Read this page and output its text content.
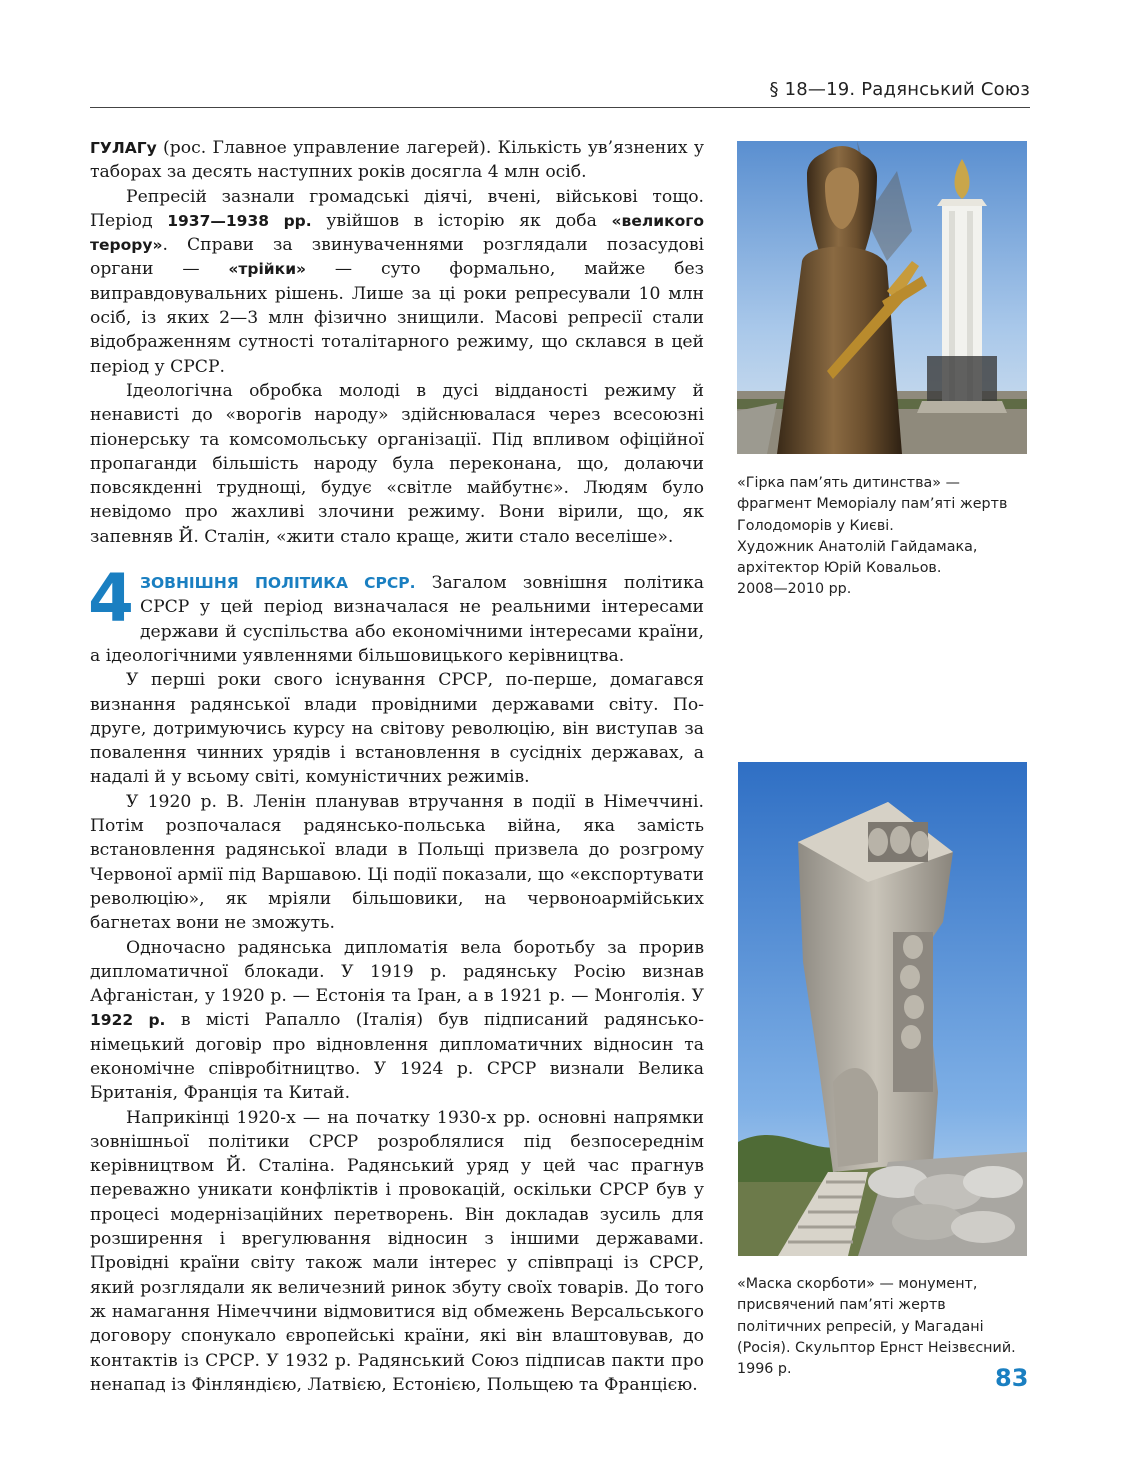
§ 18—19. Радянський Союз

ГУЛАГу (рос. Главное управление лагерей). Кількість ув’язнених у таборах за десять наступних років досягла 4 млн осіб.

Репресій зазнали громадські діячі, вчені, військові тощо. Період 1937—1938 рр. увійшов в історію як доба «великого терору». Справи за звинуваченнями розглядали позасудові органи — «трійки» — суто формально, майже без виправдовувальних рішень. Лише за ці роки репресували 10 млн осіб, із яких 2—3 млн фізично знищили. Масові репресії стали відображенням сутності тоталітарного режиму, що склався в цей період у СРСР.

Ідеологічна обробка молоді в дусі відданості режиму й ненависті до «ворогів народу» здійснювалася через всесоюзні піонерську та комсомольську організації. Під впливом офіційної пропаганди більшість народу була переконана, що, долаючи повсякденні труднощі, будує «світле майбутнє». Людям було невідомо про жахливі злочини режиму. Вони вірили, що, як запевняв Й. Сталін, «жити стало краще, жити стало веселіше».

4 ЗОВНІШНЯ ПОЛІТИКА СРСР. Загалом зовнішня політика СРСР у цей період визначалася не реальними інтересами держави й суспільства або економічними інтересами країни, а ідеологічними уявленнями більшовицького керівництва.

У перші роки свого існування СРСР, по-перше, домагався визнання радянської влади провідними державами світу. По-друге, дотримуючись курсу на світову революцію, він виступав за повалення чинних урядів і встановлення в сусідніх державах, а надалі й у всьому світі, комуністичних режимів.

У 1920 р. В. Ленін планував втручання в події в Німеччині. Потім розпочалася радянсько-польська війна, яка замість встановлення радянської влади в Польщі призвела до розгрому Червоної армії під Варшавою. Ці події показали, що «експортувати революцію», як мріяли більшовики, на червоноармійських багнетах вони не зможуть.

Одночасно радянська дипломатія вела боротьбу за прорив дипломатичної блокади. У 1919 р. радянську Росію визнав Афганістан, у 1920 р. — Естонія та Іран, а в 1921 р. — Монголія. У 1922 р. в місті Рапалло (Італія) був підписаний радянсько-німецький договір про відновлення дипломатичних відносин та економічне співробітництво. У 1924 р. СРСР визнали Велика Британія, Франція та Китай.

Наприкінці 1920-х — на початку 1930-х рр. основні напрямки зовнішньої політики СРСР розроблялися під безпосереднім керівництвом Й. Сталіна. Радянський уряд у цей час прагнув переважно уникати конфліктів і провокацій, оскільки СРСР був у процесі модернізаційних перетворень. Він докладав зусиль для розширення і врегулювання відносин з іншими державами. Провідні країни світу також мали інтерес у співпраці із СРСР, який розглядали як величезний ринок збуту своїх товарів. До того ж намагання Німеччини відмовитися від обмежень Версальського договору спонукало європейські країни, які він влаштовував, до контактів із СРСР. У 1932 р. Радянський Союз підписав пакти про ненапад із Фінляндією, Латвією, Естонією, Польщею та Францією.

«Гірка пам’ять дитинства» —
фрагмент Меморіалу пам’яті жертв
Голодоморів у Києві.
Художник Анатолій Гайдамака,
архітектор Юрій Ковальов.
2008—2010 рр.
«Маска скорботи» — монумент,
присвячений пам’яті жертв
політичних репресій, у Магадані
(Росія). Скульптор Ернст Неізвєсний.
1996 р.	83
